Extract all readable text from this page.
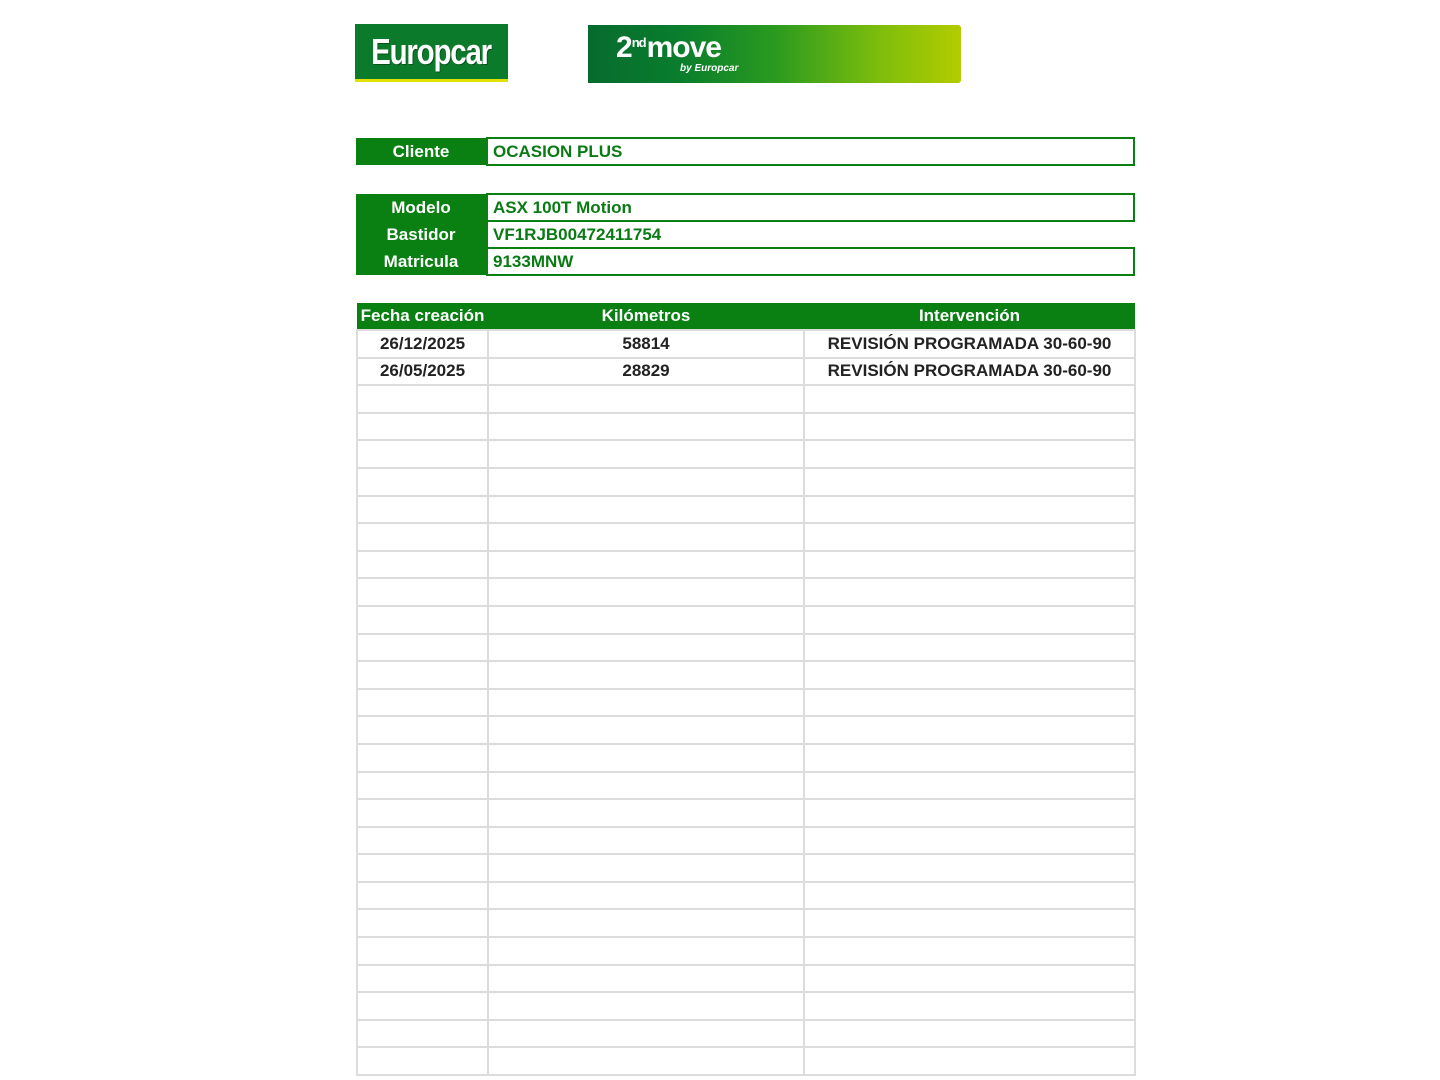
Europcar	2ndmove
by Europcar
Cliente	OCASION PLUS
Modelo	ASX 100T Motion
Bastidor	VF1RJB00472411754
Matricula	9133MNW
Fecha creación	Kilómetros	Intervención
26/12/2025	58814	REVISIÓN PROGRAMADA 30-60-90
26/05/2025	28829	REVISIÓN PROGRAMADA 30-60-90
